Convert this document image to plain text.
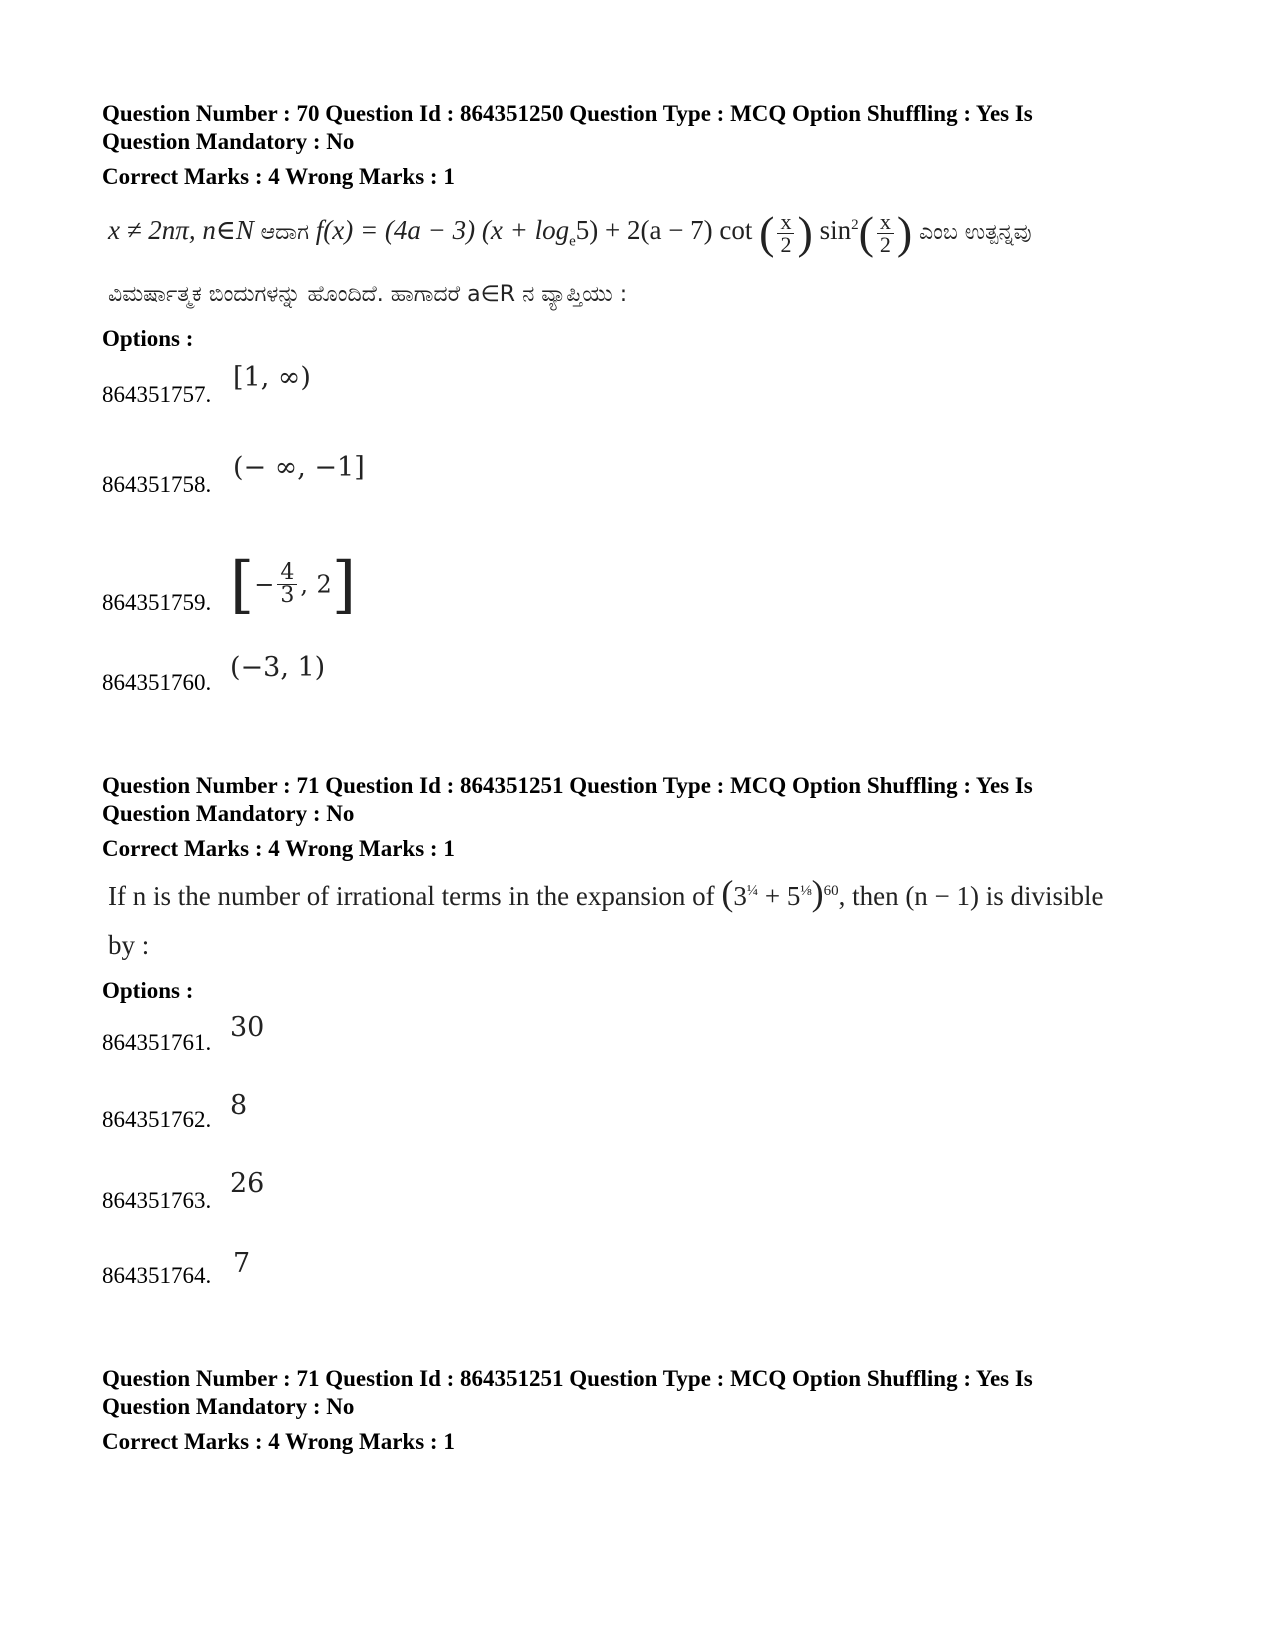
Question Number : 70 Question Id : 864351250 Question Type : MCQ Option Shuffling : Yes Is
Question Mandatory : No
Correct Marks : 4 Wrong Marks : 1
x ≠ 2nπ, n∈N ಆದಾಗ f(x) = (4a − 3) $(x + \log_e5) + 2(a - 7)$ cot ( $\frac{x}{2}$ ) $\sin^2( \frac{x}{2}$ ) ಎಂಬ ಉತ್ಪನ್ನವು
ವಿಮರ್ಷಾತ್ಮಕ ಬಿಂದುಗಳನ್ನು ಹೊಂದಿದೆ. ಹಾಗಾದರೆ a∈R ನ ವ್ಯಾಪ್ತಿಯು :
Options :
864351757.
[1, ∞)
864351758.
(− ∞, −1]
864351759. [− $\frac{4}{3}$ , 2]
864351760. (−3, 1)
Question Number : 71 Question Id : 864351251 Question Type : MCQ Option Shuffling : Yes Is
Question Mandatory : No
Correct Marks : 4 Wrong Marks : 1
If n is the number of irrational terms in the expansion of $(3^{\frac{1}{4}} + 5^{\frac{1}{8}})^{60}$, then (n − 1) is divisible
by :
Options :
864351761. 30
864351762. 8
864351763.
26
864351764. 7
Question Number : 71 Question Id : 864351251 Question Type : MCQ Option Shuffling : Yes Is
Question Mandatory : No
Correct Marks : 4 Wrong Marks : 1
